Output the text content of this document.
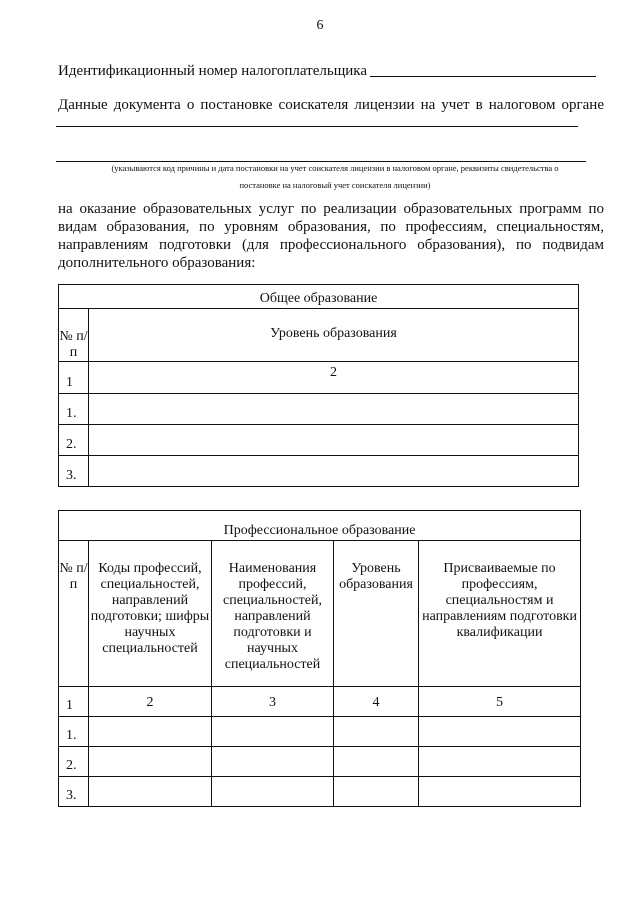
6
Идентификационный номер налогоплательщика
Данные документа о постановке соискателя лицензии на учет в налоговом органе
(указываются код причины и дата постановки на учет соискателя лицензии в налоговом органе, реквизиты свидетельства о
постановке на налоговый учет соискателя лицензии)
на оказание образовательных услуг по реализации образовательных программ по видам образования, по уровням образования, по профессиям, специальностям, направлениям подготовки (для профессионального образования), по подвидам дополнительного образования:
Общее образование	
№ п/п	Уровень образования
1	2
1.	
2.	
3.	
Профессиональное образование				
№ п/п	Коды профессий, специальностей, направлений подготовки; шифры научных специальностей	Наименования профессий, специальностей, направлений подготовки и научных специальностей	Уровень образования	Присваиваемые по профессиям, специальностям и направлениям подготовки квалификации
1	2	3	4	5
1.				
2.				
3.				
